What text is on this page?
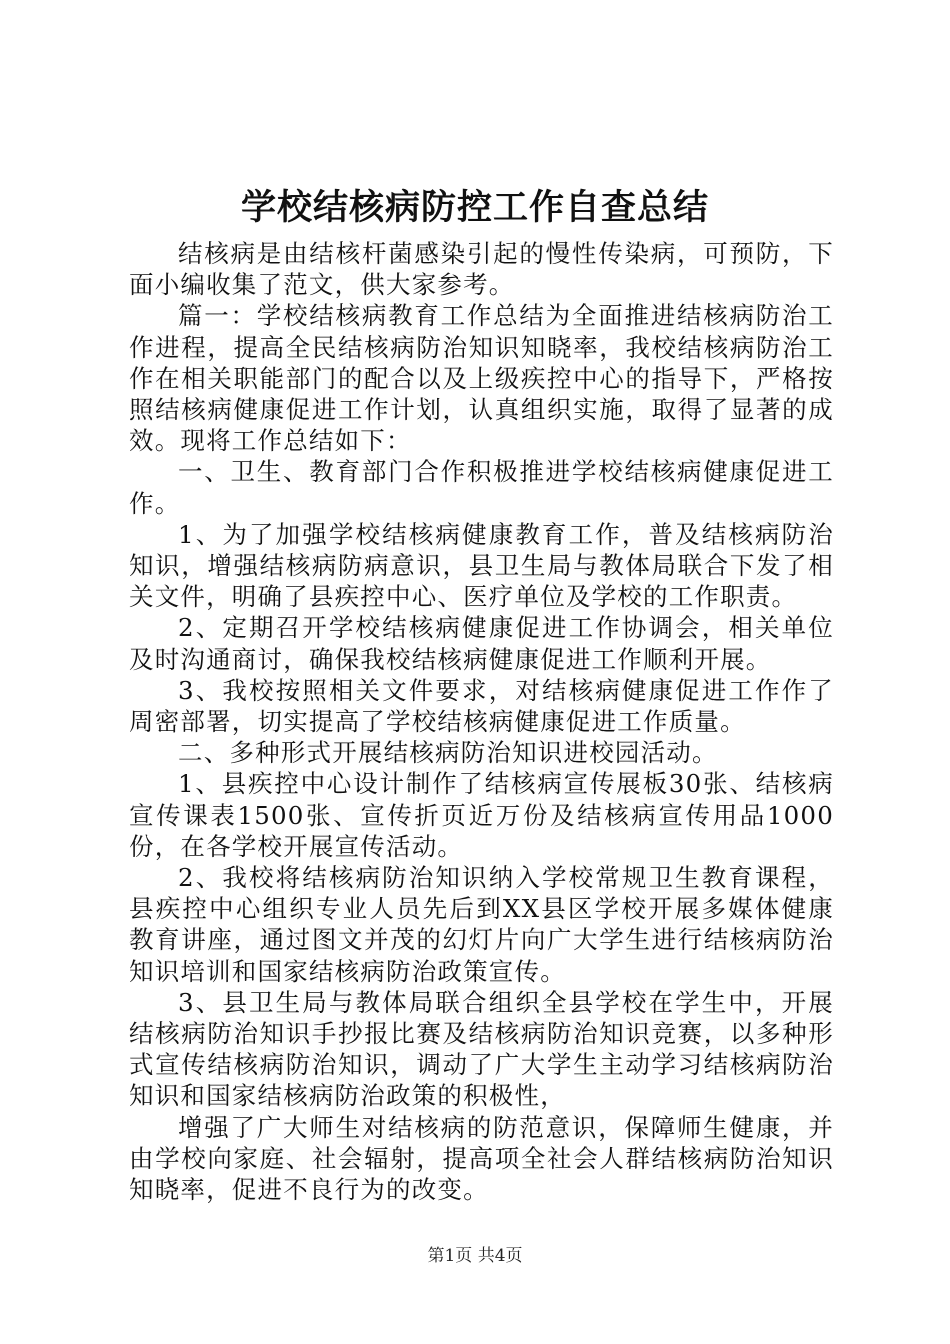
学校结核病防控工作自查总结

结核病是由结核杆菌感染引起的慢性传染病，可预防，下面小编收集了范文，供大家参考。

篇一：学校结核病教育工作总结为全面推进结核病防治工作进程，提高全民结核病防治知识知晓率，我校结核病防治工作在相关职能部门的配合以及上级疾控中心的指导下，严格按照结核病健康促进工作计划，认真组织实施，取得了显著的成效。现将工作总结如下：

一、卫生、教育部门合作积极推进学校结核病健康促进工作。

1、为了加强学校结核病健康教育工作，普及结核病防治知识，增强结核病防病意识，县卫生局与教体局联合下发了相关文件，明确了县疾控中心、医疗单位及学校的工作职责。

2、定期召开学校结核病健康促进工作协调会，相关单位及时沟通商讨，确保我校结核病健康促进工作顺利开展。

3、我校按照相关文件要求，对结核病健康促进工作作了周密部署，切实提高了学校结核病健康促进工作质量。

二、多种形式开展结核病防治知识进校园活动。

1、县疾控中心设计制作了结核病宣传展板30张、结核病宣传课表1500张、宣传折页近万份及结核病宣传用品1000份，在各学校开展宣传活动。

2、我校将结核病防治知识纳入学校常规卫生教育课程，县疾控中心组织专业人员先后到XX县区学校开展多媒体健康教育讲座，通过图文并茂的幻灯片向广大学生进行结核病防治知识培训和国家结核病防治政策宣传。

3、县卫生局与教体局联合组织全县学校在学生中，开展结核病防治知识手抄报比赛及结核病防治知识竞赛，以多种形式宣传结核病防治知识，调动了广大学生主动学习结核病防治知识和国家结核病防治政策的积极性，

增强了广大师生对结核病的防范意识，保障师生健康，并由学校向家庭、社会辐射，提高项全社会人群结核病防治知识知晓率，促进不良行为的改变。

第1页 共4页
